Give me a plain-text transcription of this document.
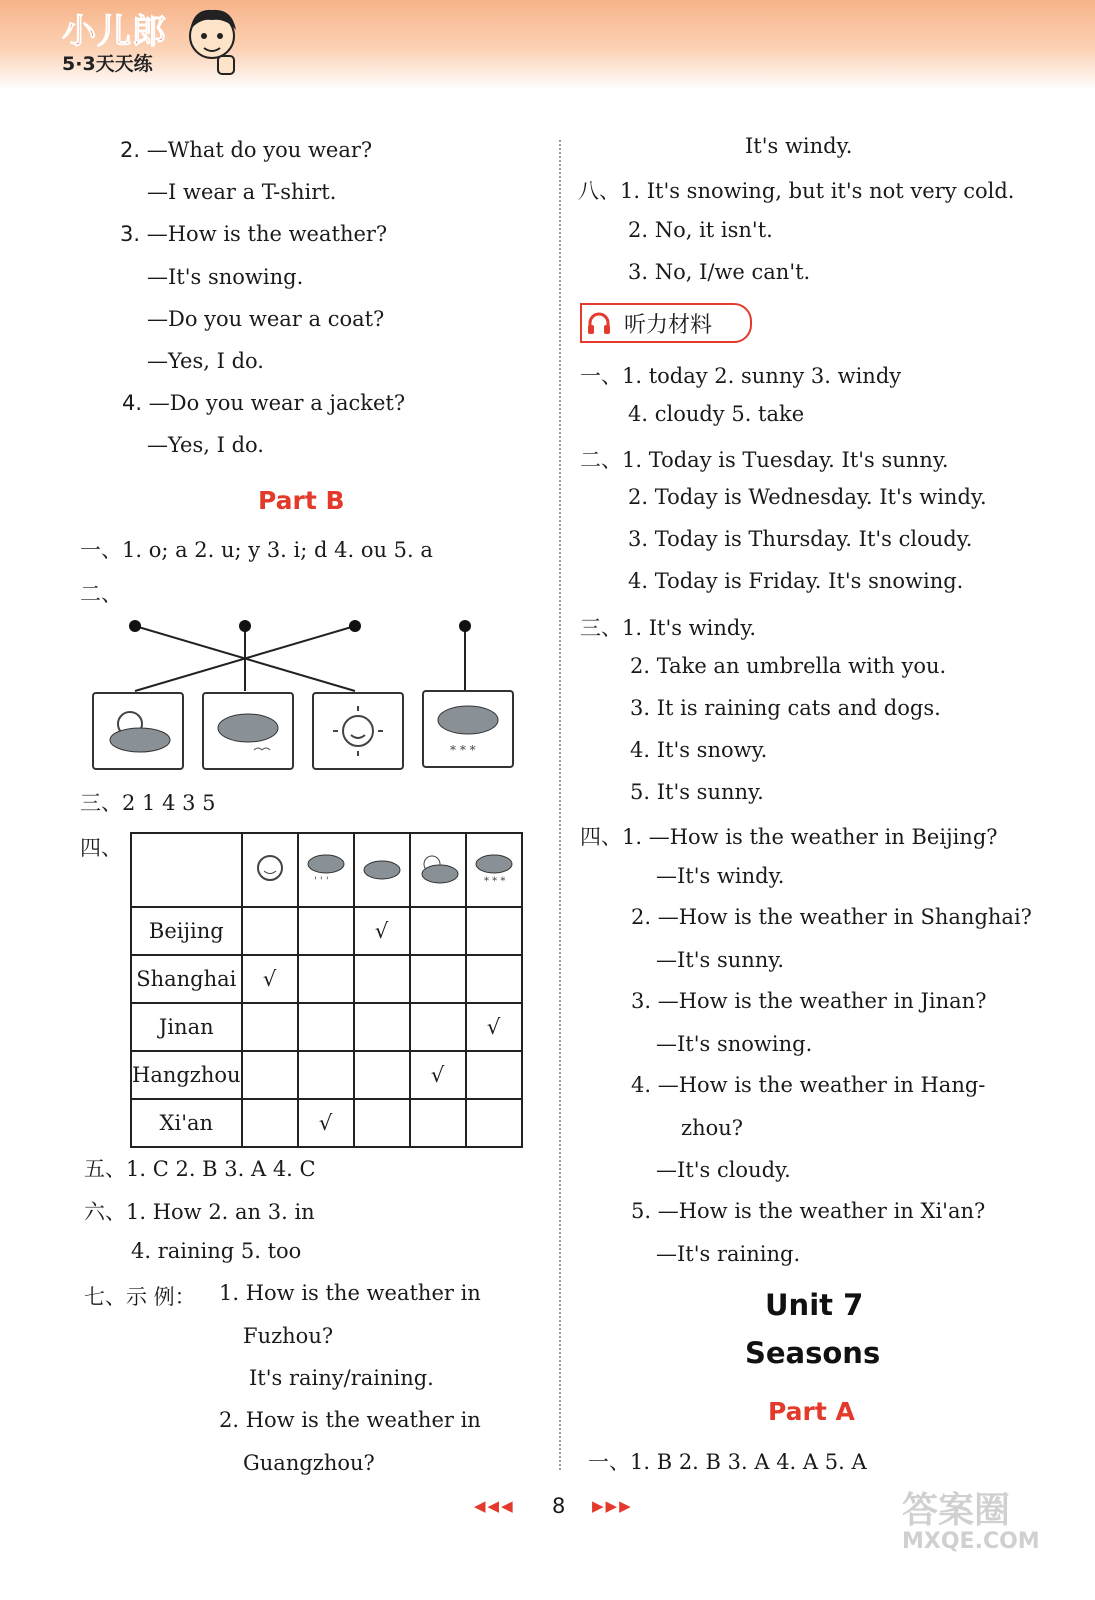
小儿郎
5·3天天练
2. —What do you wear?
—I wear a T-shirt.
3. —How is the weather?
—It's snowing.
—Do you wear a coat?
—Yes, I do.
4. —Do you wear a jacket?
—Yes, I do.
Part B
一、1. o; a 2. u; y 3. i; d 4. ou 5. a
二、
* * *
三、2 1 4 3 5
四、

' ' '			* * *

Beijing			√		
Shanghai	√				
Jinan					√
Hangzhou				√	
Xi'an		√			
五、1. C 2. B 3. A 4. C
六、1. How 2. an 3. in
4. raining 5. too
七、示 例： 1. How is the weather in
Fuzhou?
It's rainy/raining.
2. How is the weather in
Guangzhou?
It's windy.
八、1. It's snowing, but it's not very cold.
2. No, it isn't.
3. No, I/we can't.
听力材料
一、1. today 2. sunny 3. windy
4. cloudy 5. take
二、1. Today is Tuesday. It's sunny.
2. Today is Wednesday. It's windy.
3. Today is Thursday. It's cloudy.
4. Today is Friday. It's snowing.
三、1. It's windy.
2. Take an umbrella with you.
3. It is raining cats and dogs.
4. It's snowy.
5. It's sunny.
四、1. —How is the weather in Beijing?
—It's windy.
2. —How is the weather in Shanghai?
—It's sunny.
3. —How is the weather in Jinan?
—It's snowing.
4. —How is the weather in Hang-
zhou?
—It's cloudy.
5. —How is the weather in Xi'an?
—It's raining.
Unit 7
Seasons
Part A
一、1. B 2. B 3. A 4. A 5. A
◀◀◀ 8 ▶▶▶	答案圈
MXQE.COM
